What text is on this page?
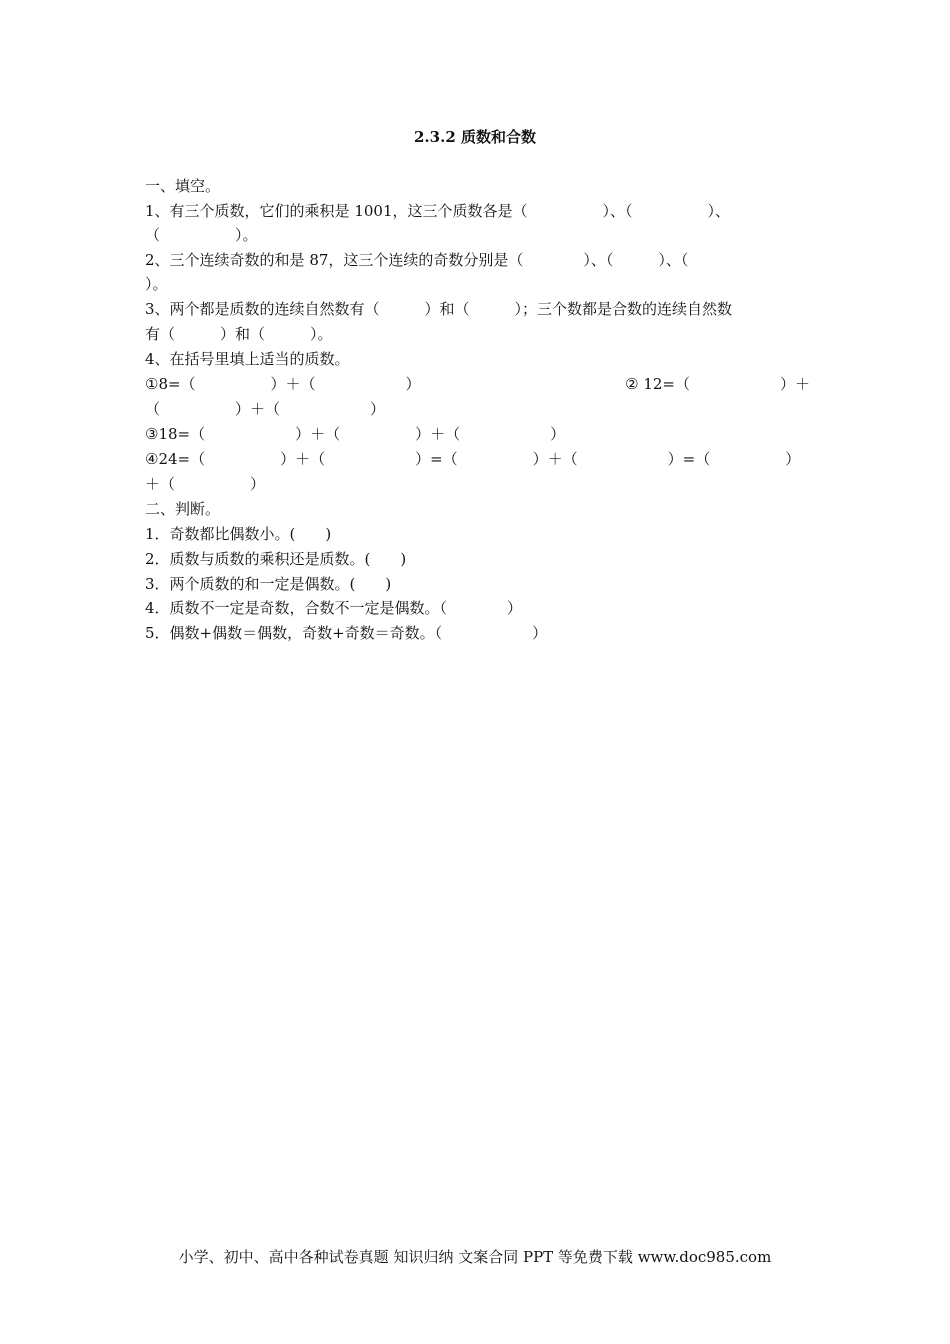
2.3.2 质数和合数
一、填空。
1、有三个质数，它们的乘积是 1001，这三个质数各是（　　　　　）、（　　　　　）、
（　　　　　）。
2、三个连续奇数的和是 87，这三个连续的奇数分别是（　　　　）、（　　　）、（
）。
3、两个都是质数的连续自然数有（　　　）和（　　　）；三个数都是合数的连续自然数
有（　　　）和（　　　）。
4、在括号里填上适当的质数。
①8=（　　　　　）＋（　　　　　　）	② 12=（　　　　　　）＋
（　　　　　）＋（　　　　　　）
③18=（　　　　　　）＋（　　　　　）＋（　　　　　　）
④24=（　　　　　）＋（　　　　　　）=（　　　　　）＋（　　　　　　）=（　　　　　）
＋（　　　　　）
二、判断。
1．奇数都比偶数小。(　　)
2．质数与质数的乘积还是质数。(　　)
3．两个质数的和一定是偶数。(　　)
4．质数不一定是奇数，合数不一定是偶数。（　　　　）
5．偶数+偶数＝偶数，奇数+奇数＝奇数。（　　　　　　）
小学、初中、高中各种试卷真题 知识归纳 文案合同 PPT 等免费下载 www.doc985.com
